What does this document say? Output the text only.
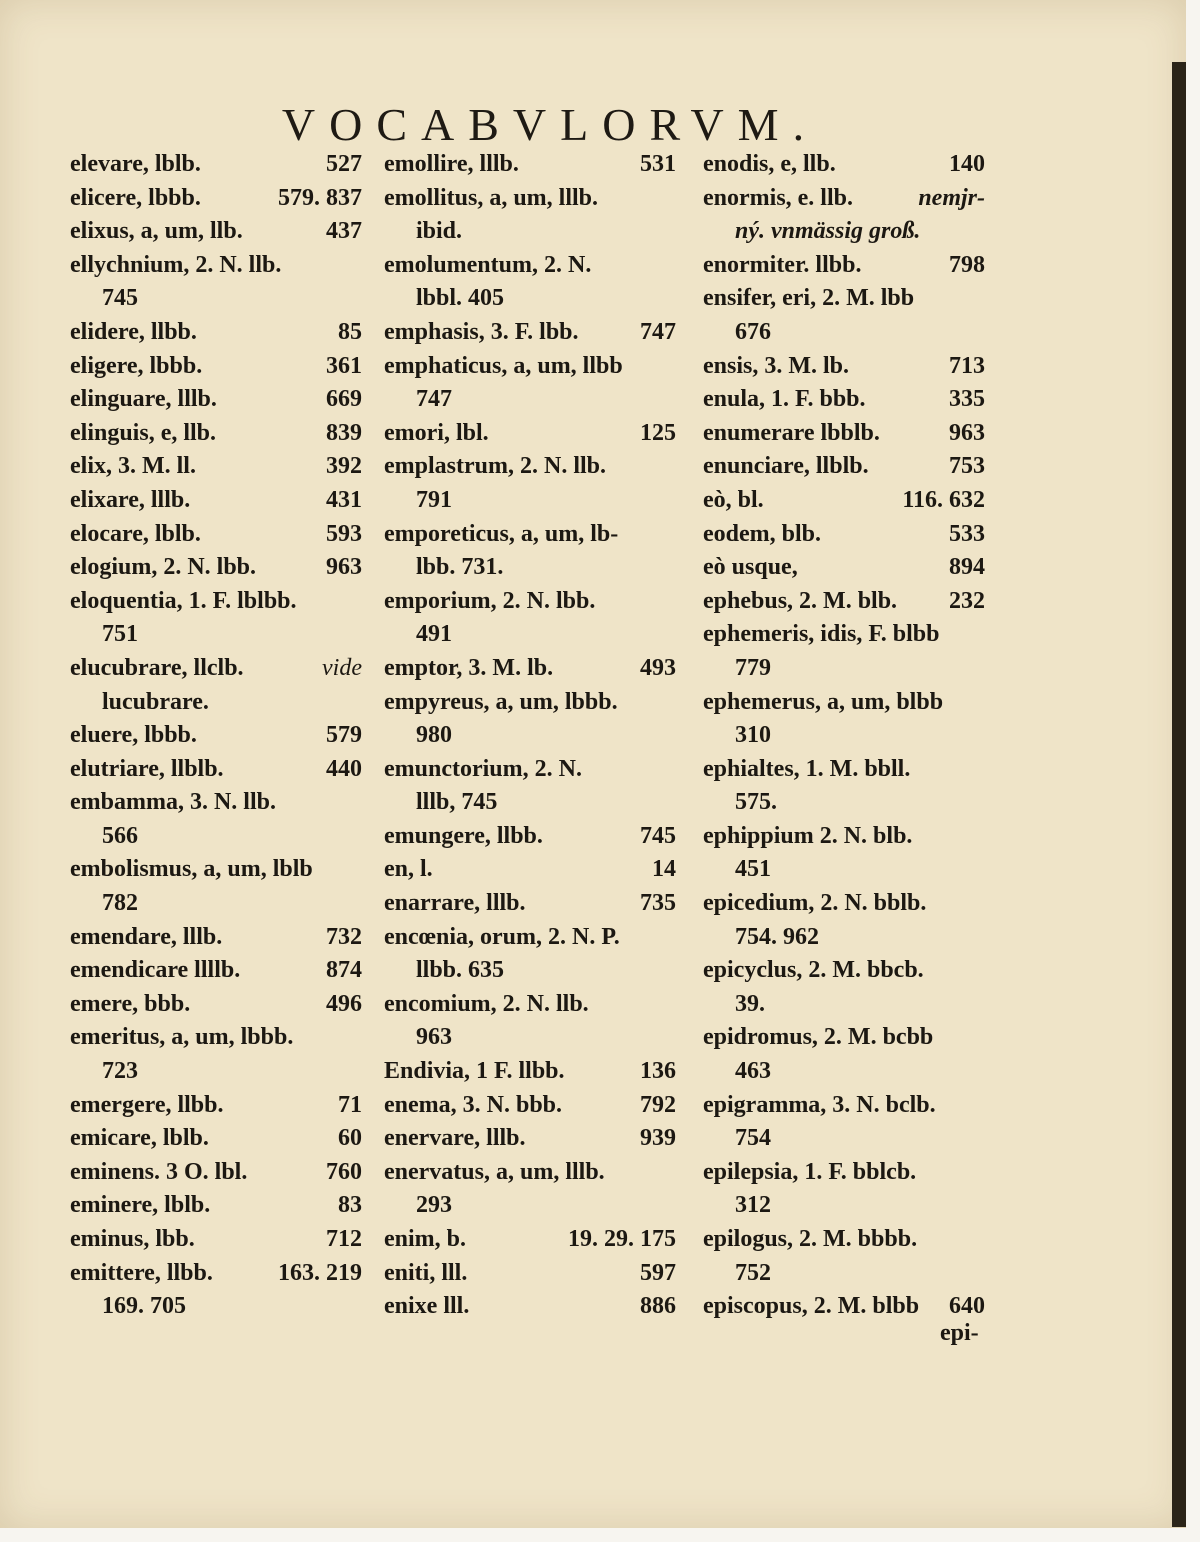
VOCABVLORVM.
elevare, lblb.	527
elicere, lbbb.	579. 837
elixus, a, um, llb.	437
ellychnium, 2. N. llb.
745
elidere, llbb.	85
eligere, lbbb.	361
elinguare, lllb.	669
elinguis, e, llb.	839
elix, 3. M. ll.	392
elixare, lllb.	431
elocare, lblb.	593
elogium, 2. N. lbb.	963
eloquentia, 1. F. lblbb.
751
elucubrare, llclb.	vide
lucubrare.
eluere, lbbb.	579
elutriare, llblb.	440
embamma, 3. N. llb.
566
embolismus, a, um, lblb
782
emendare, lllb.	732
emendicare llllb.	874
emere, bbb.	496
emeritus, a, um, lbbb.
723
emergere, llbb.	71
emicare, lblb.	60
eminens. 3 O. lbl.	760
eminere, lblb.	83
eminus, lbb.	712
emittere, llbb.	163. 219
169. 705
emollire, lllb.	531
emollitus, a, um, lllb.
ibid.
emolumentum, 2. N.
lbbl. 405
emphasis, 3. F. lbb.	747
emphaticus, a, um, llbb
747
emori, lbl.	125
emplastrum, 2. N. llb.
791
emporeticus, a, um, lb-
lbb. 731.
emporium, 2. N. lbb.
491
emptor, 3. M. lb.	493
empyreus, a, um, lbbb.
980
emunctorium, 2. N.
lllb, 745
emungere, llbb.	745
en, l.	14
enarrare, lllb.	735
encœnia, orum, 2. N. P.
llbb. 635
encomium, 2. N. llb.
963
Endivia, 1 F. llbb.	136
enema, 3. N. bbb.	792
enervare, lllb.	939
enervatus, a, um, lllb.
293
enim, b.	19. 29. 175
eniti, lll.	597
enixe lll.	886
enodis, e, llb.	140
enormis, e. llb.	nemjr-
ný. vnmässig groß.
enormiter. llbb.	798
ensifer, eri, 2. M. lbb
676
ensis, 3. M. lb.	713
enula, 1. F. bbb.	335
enumerare lbblb.	963
enunciare, llblb.	753
eò, bl.	116. 632
eodem, blb.	533
eò usque,	894
ephebus, 2. M. blb. 232
ephemeris, idis, F. blbb
779
ephemerus, a, um, blbb
310
ephialtes, 1. M. bbll.
575.
ephippium 2. N. blb.
451
epicedium, 2. N. bblb.
754. 962
epicyclus, 2. M. bbcb.
39.
epidromus, 2. M. bcbb
463
epigramma, 3. N. bclb.
754
epilepsia, 1. F. bblcb.
312
epilogus, 2. M. bbbb.
752
episcopus, 2. M. blbb 640
epi-
